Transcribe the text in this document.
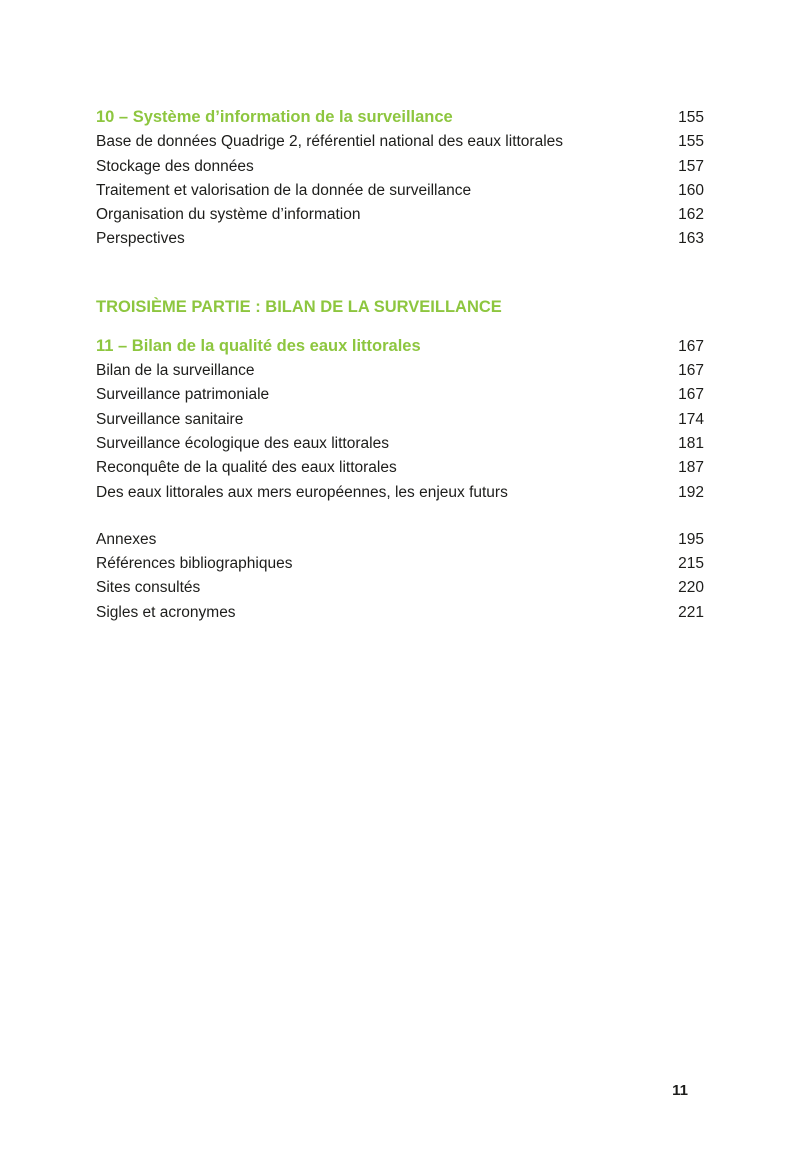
10 – Système d’information de la surveillance	155
Base de données Quadrige 2, référentiel national des eaux littorales	155
Stockage des données	157
Traitement et valorisation de la donnée de surveillance	160
Organisation du système d’information	162
Perspectives	163
TROISIÈME PARTIE : BILAN DE LA SURVEILLANCE
11 – Bilan de la qualité des eaux littorales	167
Bilan de la surveillance	167
Surveillance patrimoniale	167
Surveillance sanitaire	174
Surveillance écologique des eaux littorales	181
Reconquête de la qualité des eaux littorales	187
Des eaux littorales aux mers européennes, les enjeux futurs	192
Annexes	195
Références bibliographiques	215
Sites consultés	220
Sigles et acronymes	221
11
